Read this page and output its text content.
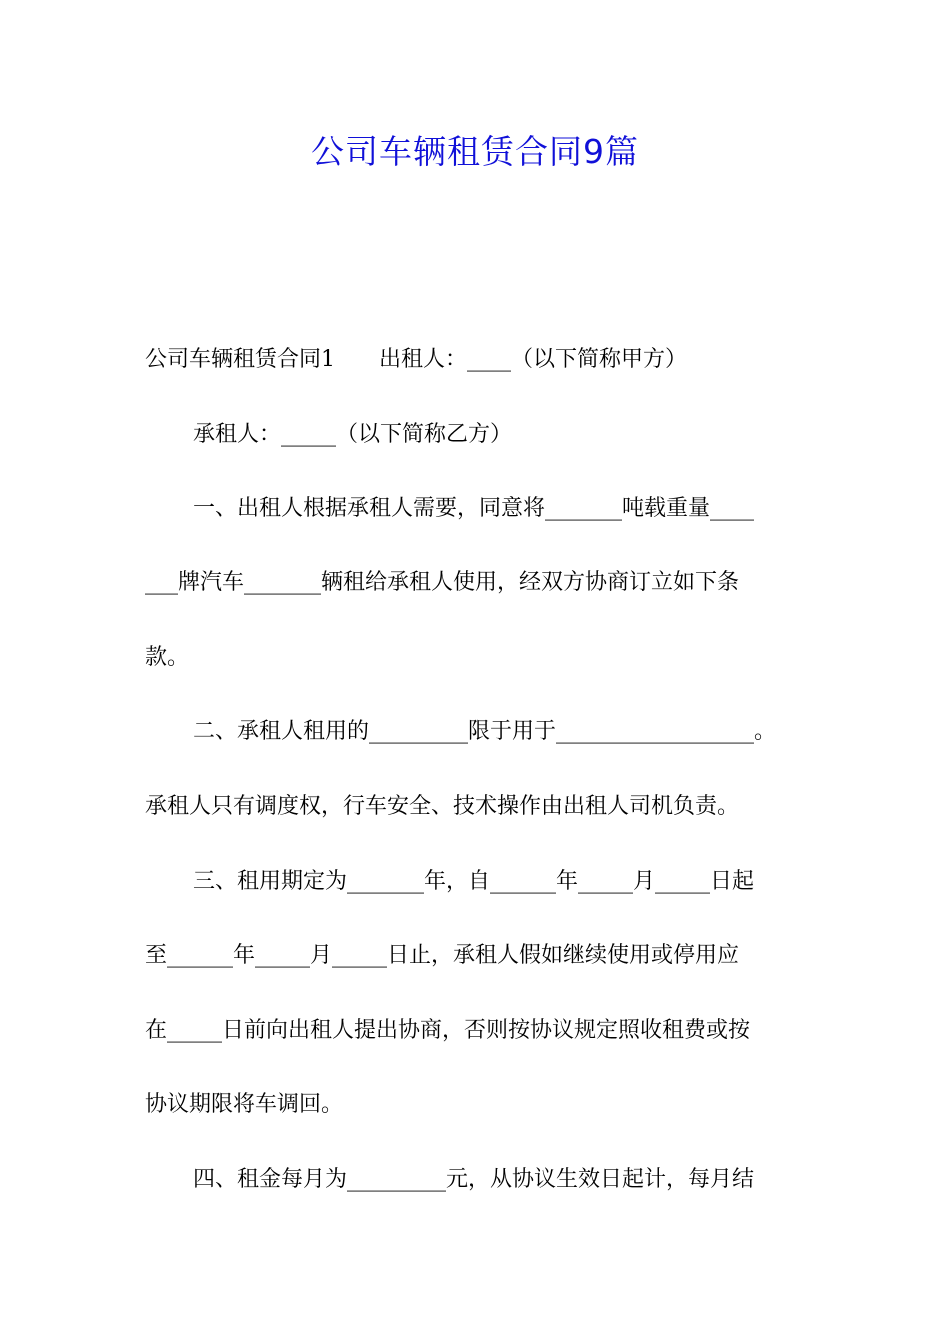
公司车辆租赁合同9篇
公司车辆租赁合同1　　出租人：____（以下简称甲方）
承租人：_____（以下简称乙方）
一、出租人根据承租人需要，同意将_______吨载重量____
___牌汽车_______辆租给承租人使用，经双方协商订立如下条
款。
二、承租人租用的_________限于用于__________________。
承租人只有调度权，行车安全、技术操作由出租人司机负责。
三、租用期定为_______年，自______年_____月_____日起
至______年_____月_____日止，承租人假如继续使用或停用应
在_____日前向出租人提出协商，否则按协议规定照收租费或按
协议期限将车调回。
四、租金每月为_________元，从协议生效日起计，每月结
